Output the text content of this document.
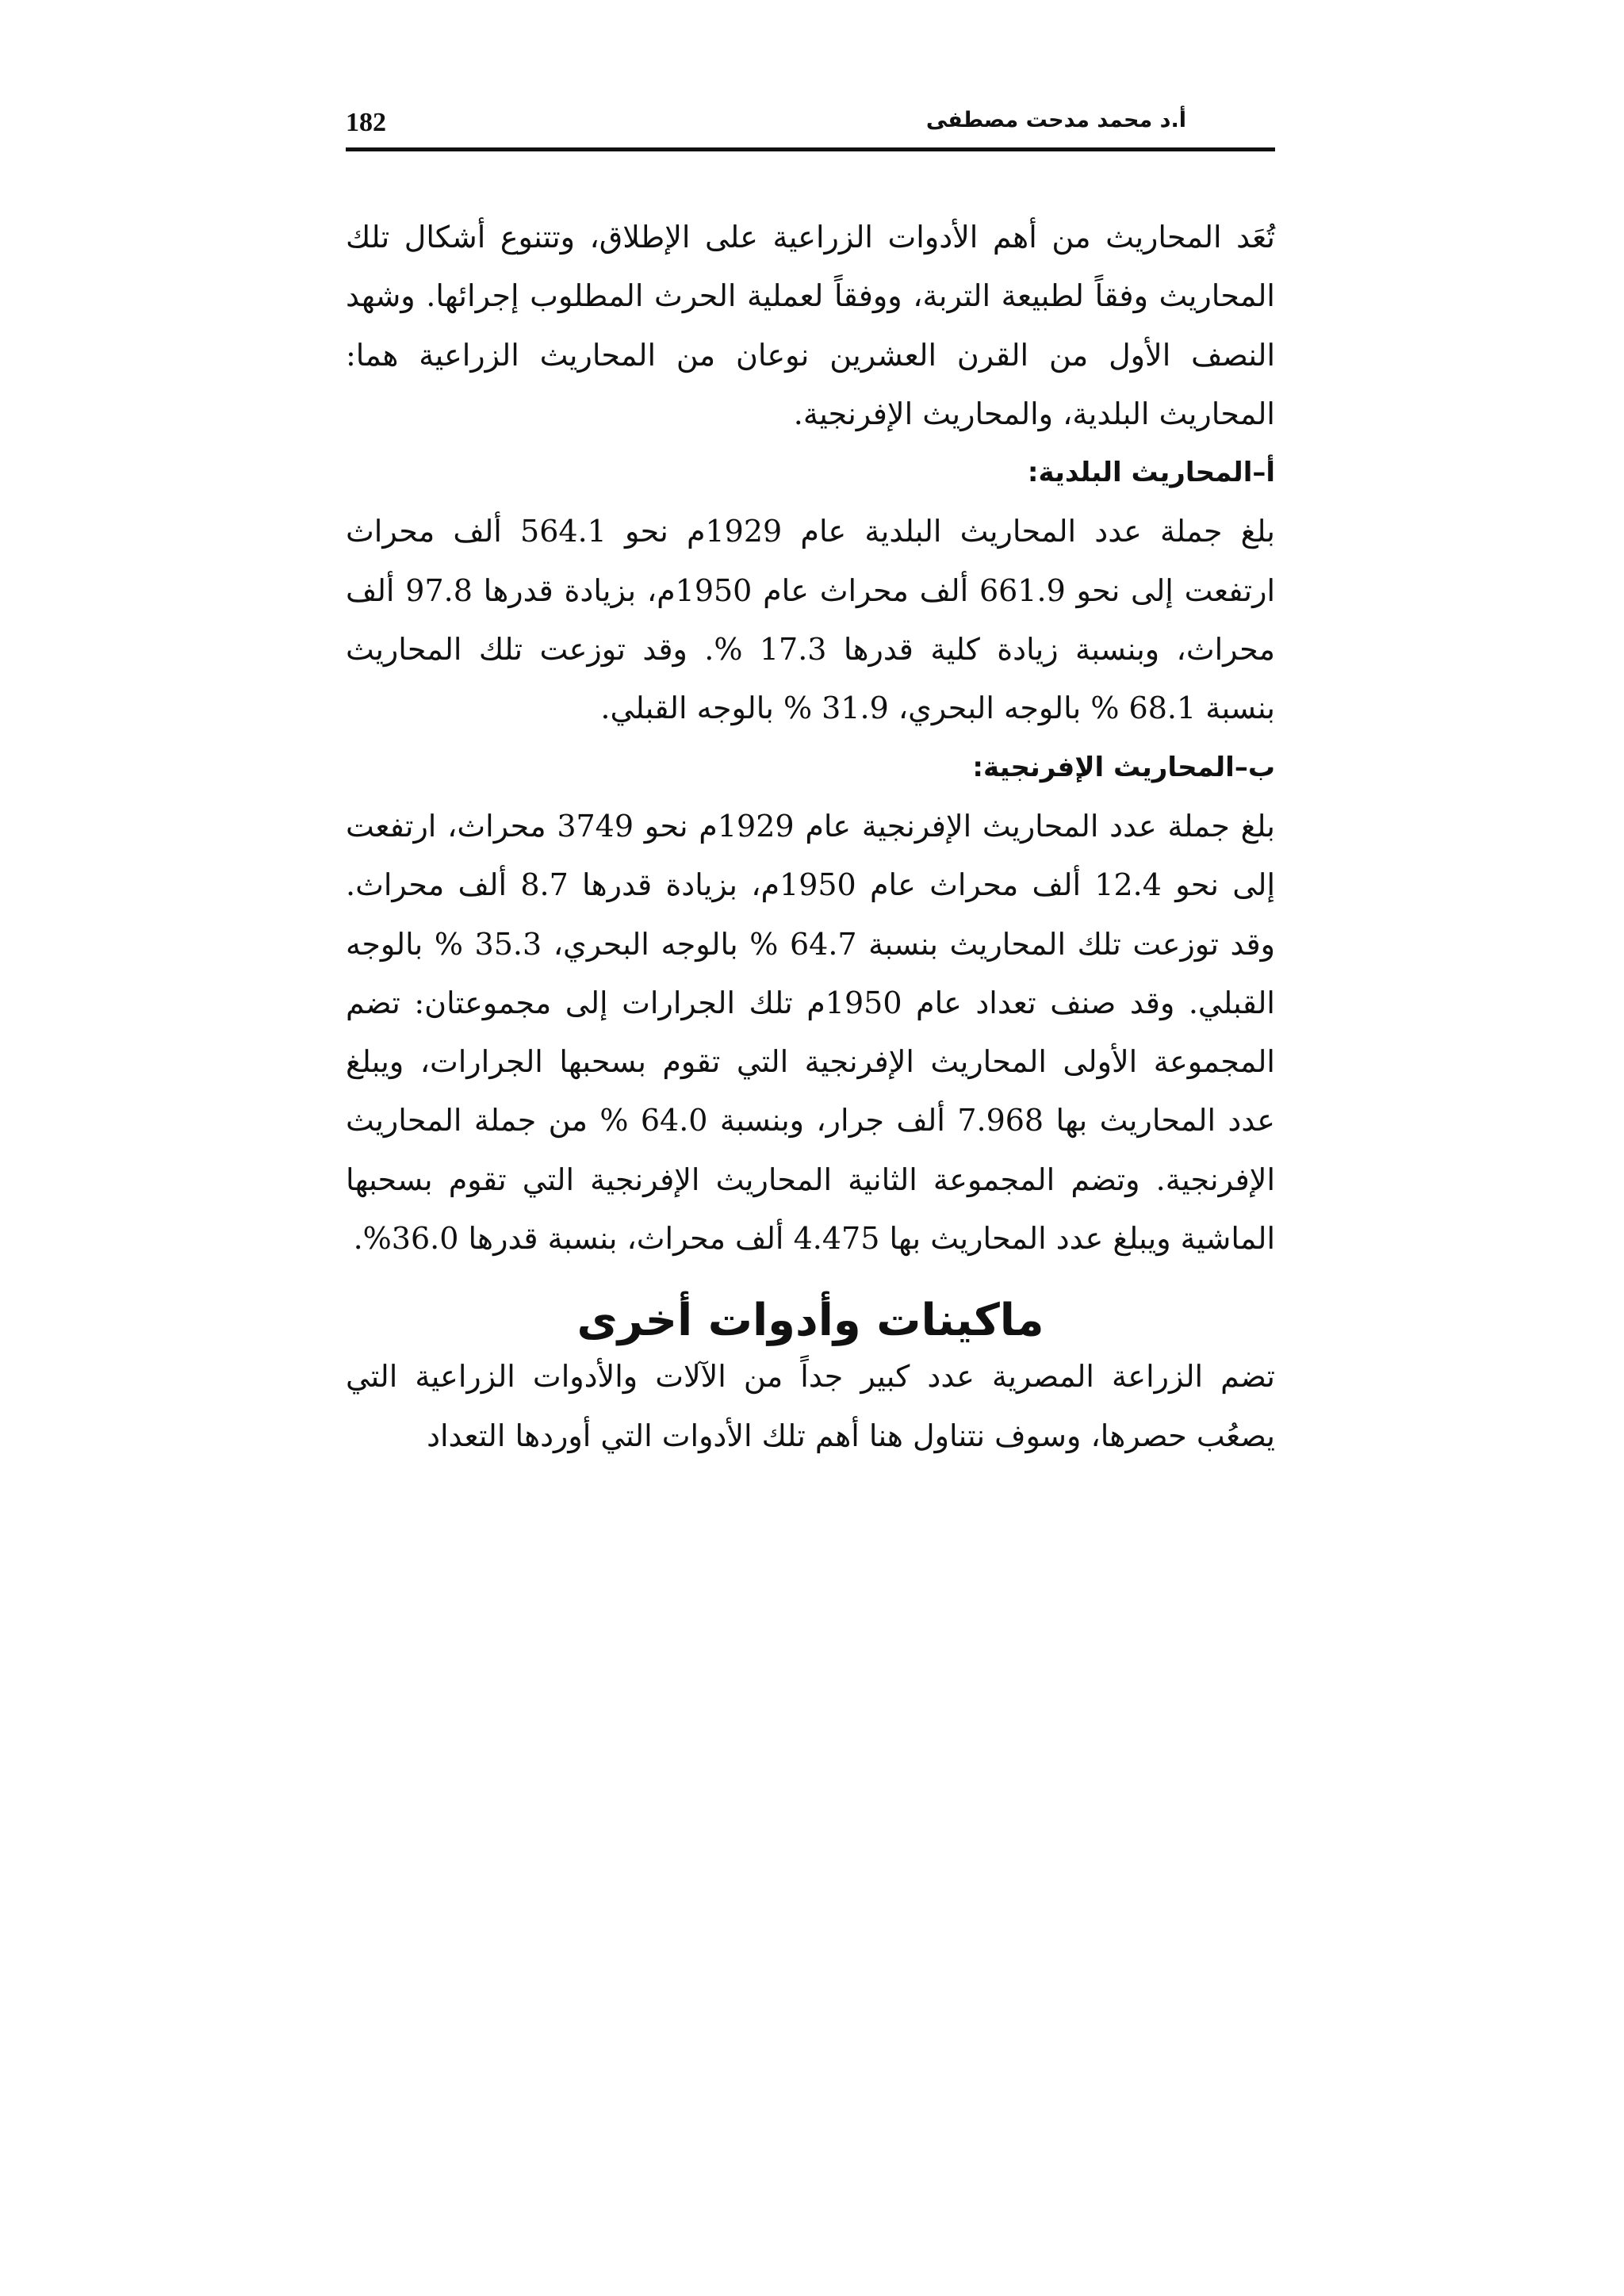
182	أ.د محمد مدحت مصطفى

تُعَد المحاريث من أهم الأدوات الزراعية على الإطلاق، وتتنوع أشكال تلك المحاريث وفقاً لطبيعة التربة، ووفقاً لعملية الحرث المطلوب إجرائها. وشهد النصف الأول من القرن العشرين نوعان من المحاريث الزراعية هما: المحاريث البلدية، والمحاريث الإفرنجية.

أ–المحاريث البلدية:

بلغ جملة عدد المحاريث البلدية عام 1929م نحو 564.1 ألف محراث ارتفعت إلى نحو 661.9 ألف محراث عام 1950م، بزيادة قدرها 97.8 ألف محراث، وبنسبة زيادة كلية قدرها 17.3 %. وقد توزعت تلك المحاريث بنسبة 68.1 % بالوجه البحري، 31.9 % بالوجه القبلي.

ب–المحاريث الإفرنجية:

بلغ جملة عدد المحاريث الإفرنجية عام 1929م نحو 3749 محراث، ارتفعت إلى نحو 12.4 ألف محراث عام 1950م، بزيادة قدرها 8.7 ألف محراث. وقد توزعت تلك المحاريث بنسبة 64.7 % بالوجه البحري، 35.3 % بالوجه القبلي. وقد صنف تعداد عام 1950م تلك الجرارات إلى مجموعتان: تضم المجموعة الأولى المحاريث الإفرنجية التي تقوم بسحبها الجرارات، ويبلغ عدد المحاريث بها 7.968 ألف جرار، وبنسبة 64.0 % من جملة المحاريث الإفرنجية. وتضم المجموعة الثانية المحاريث الإفرنجية التي تقوم بسحبها الماشية ويبلغ عدد المحاريث بها 4.475 ألف محراث، بنسبة قدرها 36.0%.

ماكينات وأدوات أخرى

تضم الزراعة المصرية عدد كبير جداً من الآلات والأدوات الزراعية التي يصعُب حصرها، وسوف نتناول هنا أهم تلك الأدوات التي أوردها التعداد
